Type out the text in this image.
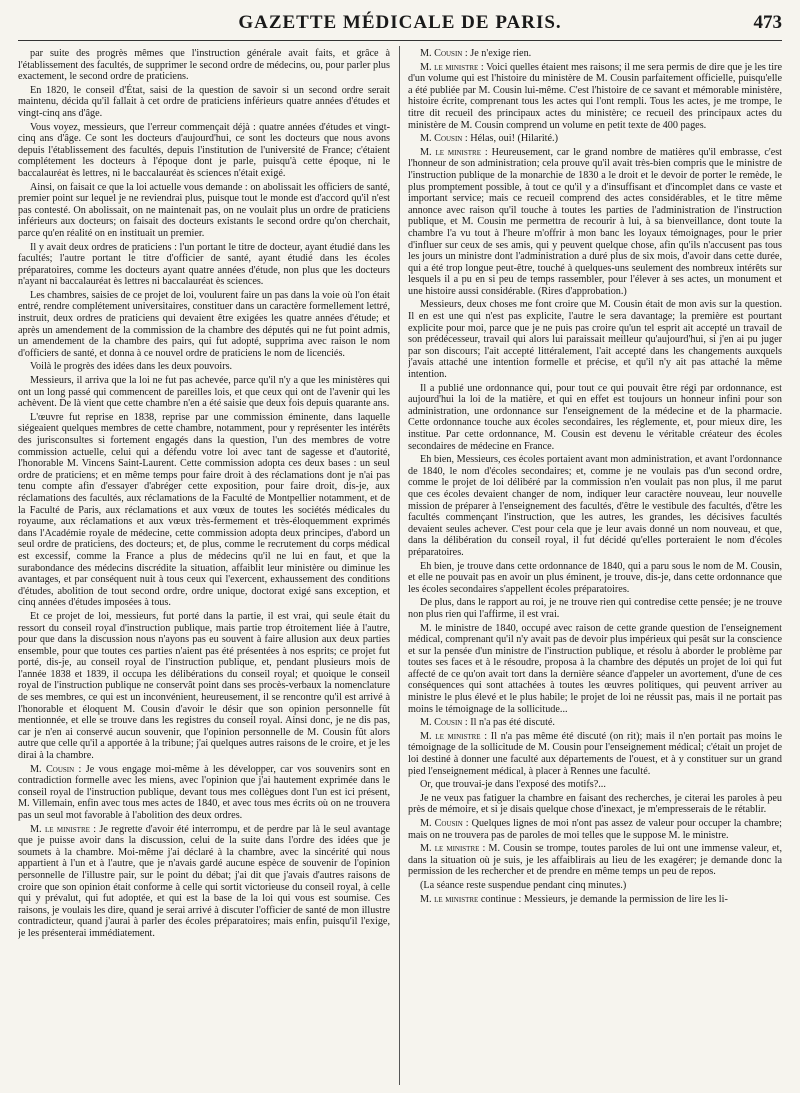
GAZETTE MÉDICALE DE PARIS.	473

par suite des progrès mêmes que l'instruction générale avait faits, et grâce à l'établissement des facultés, de supprimer le second ordre de médecins, ou, pour parler plus exactement, le second ordre de praticiens.

En 1820, le conseil d'État, saisi de la question de savoir si un second ordre serait maintenu, décida qu'il fallait à cet ordre de praticiens inférieurs quatre années d'études et vingt-cinq ans d'âge.

Vous voyez, messieurs, que l'erreur commençait déjà : quatre années d'études et vingt-cinq ans d'âge. Ce sont les docteurs d'aujourd'hui, ce sont les docteurs que nous avons depuis l'établissement des facultés, depuis l'institution de l'université de France; c'étaient complétement les docteurs à l'époque dont je parle, puisqu'à cette époque, ni le baccalauréat ès lettres, ni le baccalauréat ès sciences n'était exigé.

Ainsi, on faisait ce que la loi actuelle vous demande : on abolissait les officiers de santé, premier point sur lequel je ne reviendrai plus, puisque tout le monde est d'accord qu'il n'est pas contesté. On abolissait, on ne maintenait pas, on ne voulait plus un ordre de praticiens inférieurs aux docteurs; on faisait des docteurs existants le second ordre qu'on cherchait, parce qu'en réalité on en instituait un premier.

Il y avait deux ordres de praticiens : l'un portant le titre de docteur, ayant étudié dans les facultés; l'autre portant le titre d'officier de santé, ayant étudié dans les écoles préparatoires, comme les docteurs ayant quatre années d'étude, non plus que les docteurs n'ayant ni baccalauréat ès lettres ni baccalauréat ès sciences.

Les chambres, saisies de ce projet de loi, voulurent faire un pas dans la voie où l'on était entré, rendre complétement universitaires, constituer dans un caractère formellement lettré, instruit, deux ordres de praticiens qui devaient être exigées les quatre années d'étude; et après un amendement de la commission de la chambre des députés qui ne fut point admis, un amendement de la chambre des pairs, qui fut adopté, supprima avec raison le nom d'officiers de santé, et donna à ce nouvel ordre de praticiens le nom de licenciés.

Voilà le progrès des idées dans les deux pouvoirs.

Messieurs, il arriva que la loi ne fut pas achevée, parce qu'il n'y a que les ministères qui ont un long passé qui commencent de pareilles lois, et que ceux qui ont de l'avenir qui les achèvent. De là vient que cette chambre n'en a été saisie que deux fois depuis quarante ans.

L'œuvre fut reprise en 1838, reprise par une commission éminente, dans laquelle siégeaient quelques membres de cette chambre, notamment, pour y représenter les intérêts des jurisconsultes si fortement engagés dans la question, l'un des membres de votre commission actuelle, celui qui a défendu votre loi avec tant de sagesse et d'autorité, l'honorable M. Vincens Saint-Laurent. Cette commission adopta ces deux bases : un seul ordre de praticiens; et en même temps pour faire droit à des réclamations dont je n'ai pas tenu compte afin d'essayer d'abréger cette exposition, pour faire droit, dis-je, aux réclamations des facultés, aux réclamations de la Faculté de Montpellier notamment, et de la Faculté de Paris, aux réclamations et aux vœux de toutes les sociétés médicales du royaume, aux réclamations et aux vœux très-fermement et très-éloquemment exprimés dans l'Académie royale de médecine, cette commission adopta deux principes, d'abord un seul ordre de praticiens, des docteurs; et, de plus, comme le recrutement du corps médical est excessif, comme la France a plus de médecins qu'il ne lui en faut, et que la surabondance des médecins discrédite la situation, affaiblit leur ministère ou diminue les avantages, et par conséquent nuit à tous ceux qui l'exercent, exhaussement des conditions d'études, abolition de tout second ordre, ordre unique, doctorat exigé sans exception, et cinq années d'études imposées à tous.

Et ce projet de loi, messieurs, fut porté dans la partie, il est vrai, qui seule était du ressort du conseil royal d'instruction publique, mais partie trop étroitement liée à l'autre, pour que dans la discussion nous n'ayons pas eu souvent à faire allusion aux deux parties ensemble, pour que toutes ces parties n'aient pas été présentées à nos esprits; ce projet fut porté, dis-je, au conseil royal de l'instruction publique, et, pendant plusieurs mois de l'année 1838 et 1839, il occupa les délibérations du conseil royal; et quoique le conseil royal de l'instruction publique ne conservât point dans ses procès-verbaux la nomenclature de ses membres, ce qui est un inconvénient, heureusement, il se rencontre qu'il est arrivé à l'honorable et éloquent M. Cousin d'avoir le désir que son opinion personnelle fût mentionnée, et elle se trouve dans les registres du conseil royal. Ainsi donc, je ne dis pas, car je n'en ai conservé aucun souvenir, que l'opinion personnelle de M. Cousin fût alors autre que celle qu'il a apportée à la tribune; j'ai quelques autres raisons de le croire, et je les dirai à la chambre.

M. Cousin : Je vous engage moi-même à les développer, car vos souvenirs sont en contradiction formelle avec les miens, avec l'opinion que j'ai hautement exprimée dans le conseil royal de l'instruction publique, devant tous mes collègues dont l'un est ici présent, M. Villemain, enfin avec tous mes actes de 1840, et avec tous mes écrits où on ne trouvera pas un seul mot favorable à l'abolition des deux ordres.

M. le ministre : Je regrette d'avoir été interrompu, et de perdre par là le seul avantage que je puisse avoir dans la discussion, celui de la suite dans l'ordre des idées que je soumets à la chambre. Moi-même j'ai déclaré à la chambre, avec la sincérité qui nous appartient à l'un et à l'autre, que je n'avais gardé aucune espèce de souvenir de l'opinion personnelle de l'illustre pair, sur le point du débat; j'ai dit que j'avais d'autres raisons de croire que son opinion était conforme à celle qui sortit victorieuse du conseil royal, à celle qui y prévalut, qui fut adoptée, et qui est la base de la loi qui vous est soumise. Ces raisons, je voulais les dire, quand je serai arrivé à discuter l'officier de santé de mon illustre contradicteur, quand j'aurai à parler des écoles préparatoires; mais enfin, puisqu'il l'exige, je les présenterai immédiatement.

M. Cousin : Je n'exige rien.

M. le ministre : Voici quelles étaient mes raisons; il me sera permis de dire que je les tire d'un volume qui est l'histoire du ministère de M. Cousin parfaitement officielle, puisqu'elle a été publiée par M. Cousin lui-même. C'est l'histoire de ce savant et mémorable ministère, histoire écrite, comprenant tous les actes qui l'ont rempli. Tous les actes, je me trompe, le titre dit recueil des principaux actes du ministère; ce recueil des principaux actes du ministère de M. Cousin comprend un volume en petit texte de 400 pages.

M. Cousin : Hélas, oui! (Hilarité.)

M. le ministre : Heureusement, car le grand nombre de matières qu'il embrasse, c'est l'honneur de son administration; cela prouve qu'il avait très-bien compris que le ministre de l'instruction publique de la monarchie de 1830 a le droit et le devoir de porter le remède, le plus promptement possible, à tout ce qu'il y a d'insuffisant et d'incomplet dans ce vaste et important service; mais ce recueil comprend des actes considérables, et le titre même annonce avec raison qu'il touche à toutes les parties de l'administration de l'instruction publique, et M. Cousin me permettra de recourir à lui, à sa bienveillance, dont toute la chambre l'a vu tout à l'heure m'offrir à mon banc les loyaux témoignages, pour le prier d'influer sur ceux de ses amis, qui y peuvent quelque chose, afin qu'ils n'accusent pas tous les jours un ministre dont l'administration a duré plus de six mois, d'avoir dans cette durée, qui a été trop longue peut-être, touché à quelques-uns seulement des nombreux intérêts sur lesquels il a pu en si peu de temps rassembler, pour l'élever à ses actes, un monument et une histoire aussi considérable. (Rires d'approbation.)

Messieurs, deux choses me font croire que M. Cousin était de mon avis sur la question. Il en est une qui n'est pas explicite, l'autre le sera davantage; la première est pourtant explicite pour moi, parce que je ne puis pas croire qu'un tel esprit ait accepté un travail de son prédécesseur, travail qui alors lui paraissait meilleur qu'aujourd'hui, si j'en ai pu juger par son discours; l'ait accepté littéralement, l'ait accepté dans les changements auxquels j'avais attaché une intention formelle et précise, et qu'il n'y ait pas attaché la même intention.

Il a publié une ordonnance qui, pour tout ce qui pouvait être régi par ordonnance, est aujourd'hui la loi de la matière, et qui en effet est toujours un honneur infini pour son administration, une ordonnance sur l'enseignement de la médecine et de la pharmacie. Cette ordonnance touche aux écoles secondaires, les réglemente, et, pour mieux dire, les institue. Par cette ordonnance, M. Cousin est devenu le véritable créateur des écoles secondaires de médecine en France.

Eh bien, Messieurs, ces écoles portaient avant mon administration, et avant l'ordonnance de 1840, le nom d'écoles secondaires; et, comme je ne voulais pas d'un second ordre, comme le projet de loi délibéré par la commission n'en voulait pas non plus, il me parut que ces écoles devaient changer de nom, indiquer leur caractère nouveau, leur nouvelle mission de préparer à l'enseignement des facultés, d'être le vestibule des facultés, d'être les facultés commençant l'instruction, que les autres, les grandes, les décisives facultés devaient seules achever. C'est pour cela que je leur avais donné un nom nouveau, et que, dans la délibération du conseil royal, il fut décidé qu'elles porteraient le nom d'écoles préparatoires.

Eh bien, je trouve dans cette ordonnance de 1840, qui a paru sous le nom de M. Cousin, et elle ne pouvait pas en avoir un plus éminent, je trouve, dis-je, dans cette ordonnance que les écoles secondaires s'appellent écoles préparatoires.

De plus, dans le rapport au roi, je ne trouve rien qui contredise cette pensée; je ne trouve non plus rien qui l'affirme, il est vrai.

M. le ministre de 1840, occupé avec raison de cette grande question de l'enseignement médical, comprenant qu'il n'y avait pas de devoir plus impérieux qui pesât sur la conscience et sur la pensée d'un ministre de l'instruction publique, et résolu à aborder le problème par toutes ses faces et à le résoudre, proposa à la chambre des députés un projet de loi qui fut affecté de ce qu'on avait tort dans la dernière séance d'appeler un avortement, d'une de ces conséquences qui sont attachées à toutes les œuvres politiques, qui peuvent arriver au ministre le plus élevé et le plus habile; le projet de loi ne réussit pas, mais il ne portait pas moins le témoignage de la sollicitude...

M. Cousin : Il n'a pas été discuté.

M. le ministre : Il n'a pas même été discuté (on rit); mais il n'en portait pas moins le témoignage de la sollicitude de M. Cousin pour l'enseignement médical; c'était un projet de loi destiné à donner une faculté aux départements de l'ouest, et à y constituer sur un grand pied l'enseignement médical, à placer à Rennes une faculté.

Or, que trouvai-je dans l'exposé des motifs?...

Je ne veux pas fatiguer la chambre en faisant des recherches, je citerai les paroles à peu près de mémoire, et si je disais quelque chose d'inexact, je m'empresserais de le rétablir.

M. Cousin : Quelques lignes de moi n'ont pas assez de valeur pour occuper la chambre; mais on ne trouvera pas de paroles de moi telles que le suppose M. le ministre.

M. le ministre : M. Cousin se trompe, toutes paroles de lui ont une immense valeur, et, dans la situation où je suis, je les affaiblirais au lieu de les exagérer; je demande donc la permission de les rechercher et de prendre en même temps un peu de repos.

(La séance reste suspendue pendant cinq minutes.)

M. le ministre continue : Messieurs, je demande la permission de lire les li-
